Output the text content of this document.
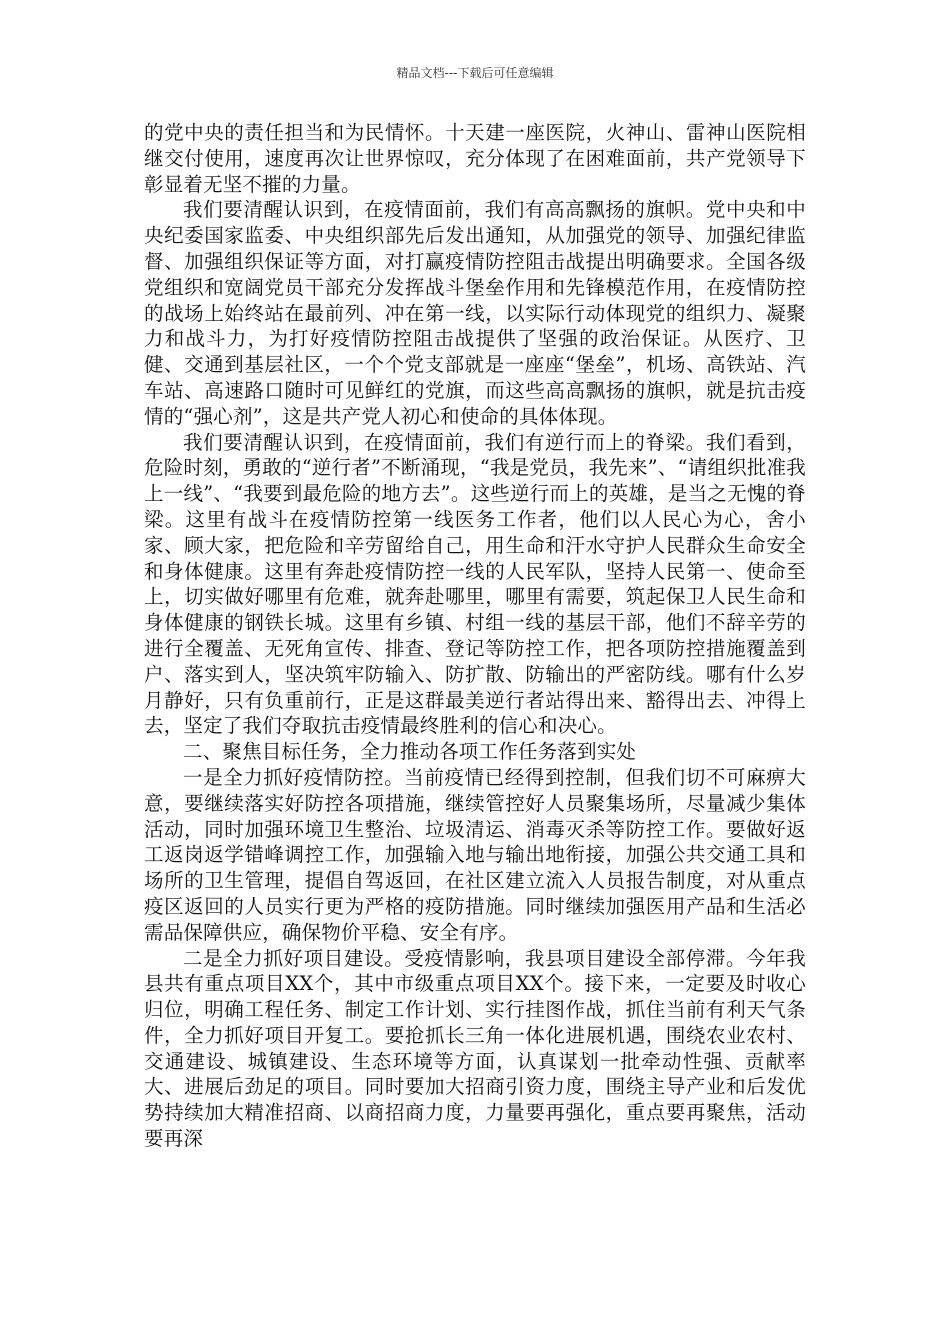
精品文档---下载后可任意编辑

的党中央的责任担当和为民情怀。十天建一座医院，火神山、雷神山医院相继交付使用，速度再次让世界惊叹，充分体现了在困难面前，共产党领导下彰显着无坚不摧的力量。

我们要清醒认识到，在疫情面前，我们有高高飘扬的旗帜。党中央和中央纪委国家监委、中央组织部先后发出通知，从加强党的领导、加强纪律监督、加强组织保证等方面，对打赢疫情防控阻击战提出明确要求。全国各级党组织和宽阔党员干部充分发挥战斗堡垒作用和先锋模范作用，在疫情防控的战场上始终站在最前列、冲在第一线，以实际行动体现党的组织力、凝聚力和战斗力，为打好疫情防控阻击战提供了坚强的政治保证。从医疗、卫健、交通到基层社区，一个个党支部就是一座座“堡垒”，机场、高铁站、汽车站、高速路口随时可见鲜红的党旗，而这些高高飘扬的旗帜，就是抗击疫情的“强心剂”，这是共产党人初心和使命的具体体现。

我们要清醒认识到，在疫情面前，我们有逆行而上的脊梁。我们看到，危险时刻，勇敢的“逆行者”不断涌现，“我是党员，我先来”、“请组织批准我上一线”、“我要到最危险的地方去”。这些逆行而上的英雄，是当之无愧的脊梁。这里有战斗在疫情防控第一线医务工作者，他们以人民心为心，舍小家、顾大家，把危险和辛劳留给自己，用生命和汗水守护人民群众生命安全和身体健康。这里有奔赴疫情防控一线的人民军队，坚持人民第一、使命至上，切实做好哪里有危难，就奔赴哪里，哪里有需要，筑起保卫人民生命和身体健康的钢铁长城。这里有乡镇、村组一线的基层干部，他们不辞辛劳的进行全覆盖、无死角宣传、排查、登记等防控工作，把各项防控措施覆盖到户、落实到人，坚决筑牢防输入、防扩散、防输出的严密防线。哪有什么岁月静好，只有负重前行，正是这群最美逆行者站得出来、豁得出去、冲得上去，坚定了我们夺取抗击疫情最终胜利的信心和决心。

二、聚焦目标任务，全力推动各项工作任务落到实处

一是全力抓好疫情防控。当前疫情已经得到控制，但我们切不可麻痹大意，要继续落实好防控各项措施，继续管控好人员聚集场所，尽量减少集体活动，同时加强环境卫生整治、垃圾清运、消毒灭杀等防控工作。要做好返工返岗返学错峰调控工作，加强输入地与输出地衔接，加强公共交通工具和场所的卫生管理，提倡自驾返回，在社区建立流入人员报告制度，对从重点疫区返回的人员实行更为严格的疫防措施。同时继续加强医用产品和生活必需品保障供应，确保物价平稳、安全有序。

二是全力抓好项目建设。受疫情影响，我县项目建设全部停滞。今年我县共有重点项目XX个，其中市级重点项目XX个。接下来，一定要及时收心归位，明确工程任务、制定工作计划、实行挂图作战，抓住当前有利天气条件，全力抓好项目开复工。要抢抓长三角一体化进展机遇，围绕农业农村、交通建设、城镇建设、生态环境等方面，认真谋划一批牵动性强、贡献率大、进展后劲足的项目。同时要加大招商引资力度，围绕主导产业和后发优势持续加大精准招商、以商招商力度，力量要再强化，重点要再聚焦，活动要再深
